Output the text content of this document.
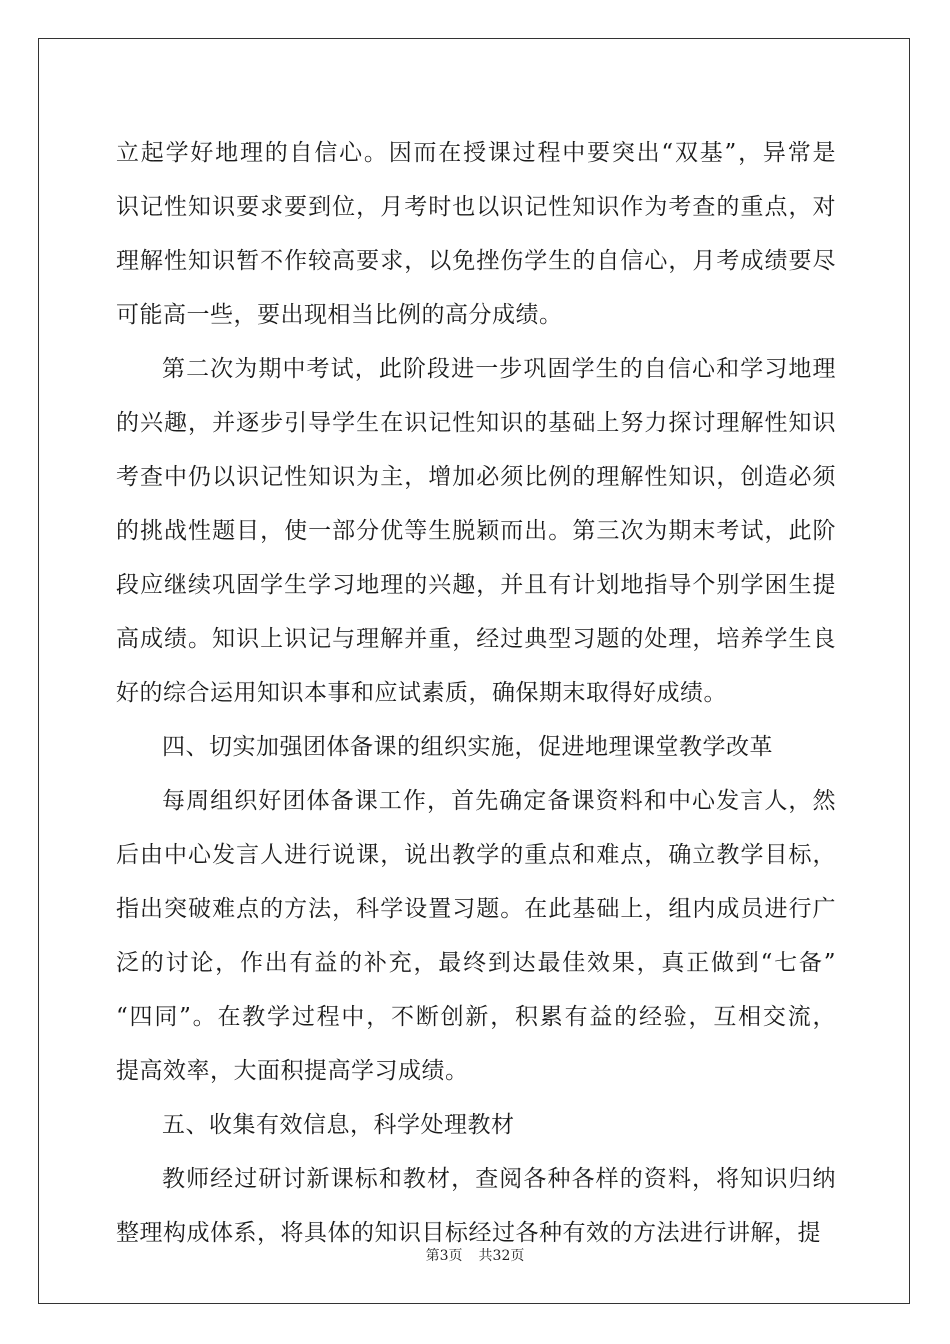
立起学好地理的自信心。因而在授课过程中要突出“双基”，异常是
识记性知识要求要到位，月考时也以识记性知识作为考查的重点，对
理解性知识暂不作较高要求，以免挫伤学生的自信心，月考成绩要尽
可能高一些，要出现相当比例的高分成绩。
第二次为期中考试，此阶段进一步巩固学生的自信心和学习地理
的兴趣，并逐步引导学生在识记性知识的基础上努力探讨理解性知识
考查中仍以识记性知识为主，增加必须比例的理解性知识，创造必须
的挑战性题目，使一部分优等生脱颖而出。第三次为期末考试，此阶
段应继续巩固学生学习地理的兴趣，并且有计划地指导个别学困生提
高成绩。知识上识记与理解并重，经过典型习题的处理，培养学生良
好的综合运用知识本事和应试素质，确保期末取得好成绩。
四、切实加强团体备课的组织实施，促进地理课堂教学改革
每周组织好团体备课工作，首先确定备课资料和中心发言人，然
后由中心发言人进行说课，说出教学的重点和难点，确立教学目标，
指出突破难点的方法，科学设置习题。在此基础上，组内成员进行广
泛的讨论，作出有益的补充，最终到达最佳效果，真正做到“七备”
“四同”。在教学过程中，不断创新，积累有益的经验，互相交流，
提高效率，大面积提高学习成绩。
五、收集有效信息，科学处理教材
教师经过研讨新课标和教材，查阅各种各样的资料，将知识归纳
整理构成体系，将具体的知识目标经过各种有效的方法进行讲解，提
第3页 共32页
